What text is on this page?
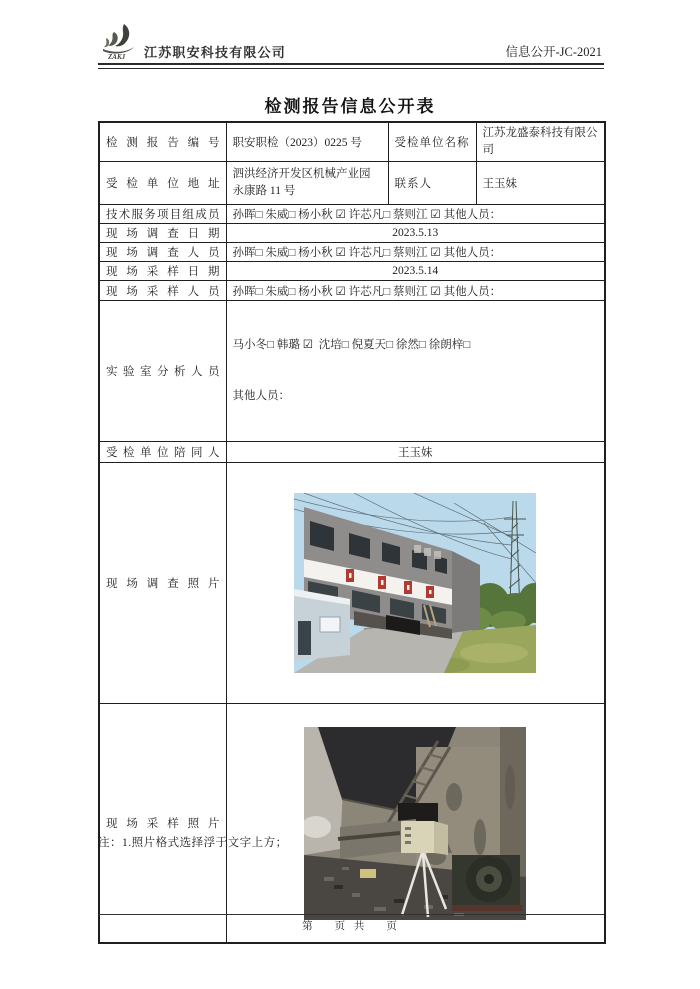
ZAKJ 江苏职安科技有限公司	信息公开-JC-2021
检测报告信息公开表
检测报告编号	职安职检（2023）0225 号	受检单位名称	江苏龙盛泰科技有限公司
受检单位地址	泗洪经济开发区机械产业园永康路 11 号	联系人	王玉妹
技术服务项目组成员	孙晖□ 朱威□ 杨小秋 ☑ 许芯凡□ 蔡则江 ☑ 其他人员：		
现场调查日期	2023.5.13		
现场调查人员	孙晖□ 朱威□ 杨小秋 ☑ 许芯凡□ 蔡则江 ☑ 其他人员：		
现场采样日期	2023.5.14		
现场采样人员	孙晖□ 朱威□ 杨小秋 ☑ 许芯凡□ 蔡则江 ☑ 其他人员：		
实验室分析人员	马小冬□ 韩璐 ☑  沈培□ 倪夏天□ 徐然□ 徐朗梓□

其他人员：		

受检单位陪同人	王玉妹		
现场调查照片	
现场采样照片	
注：1.照片格式选择浮于文字上方；
第　 页 共 　页
